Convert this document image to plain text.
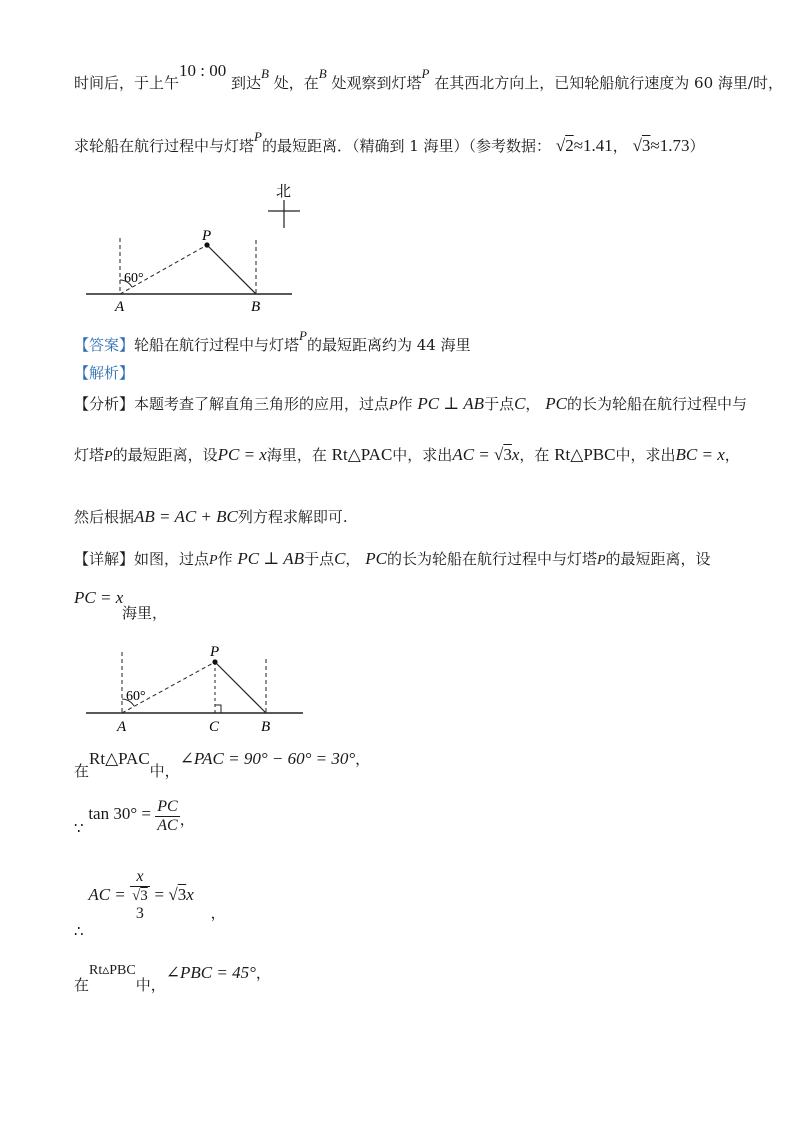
时间后，于上午10 : 00 到达B 处，在B 处观察到灯塔P 在其西北方向上，已知轮船航行速度为 60 海里/时，
求轮船在航行过程中与灯塔P的最短距离．（精确到 1 海里）（参考数据： √2≈1.41， √3≈1.73）
北
60°
P
A	B
【答案】轮船在航行过程中与灯塔P的最短距离约为 44 海里
【解析】
【分析】本题考查了解直角三角形的应用，过点P作 PC ⊥ AB于点C， PC的长为轮船在航行过程中与
灯塔P的最短距离，设PC = x海里，在 Rt△PAC中，求出AC = √3x，在 Rt△PBC中，求出BC = x，
然后根据AB = AC + BC列方程求解即可.
【详解】如图，过点P作 PC ⊥ AB于点C， PC的长为轮船在航行过程中与灯塔P的最短距离，设
PC = x
海里，
60°
P
A	C	B
在Rt△PAC中，∠PAC = 90° − 60° = 30°，
∵ $\tan 30^\circ = \frac{PC}{AC}$ ，
∴ AC =
x
√3
3
= √3x ，
在Rt▵PBC中，∠PBC = 45°，
